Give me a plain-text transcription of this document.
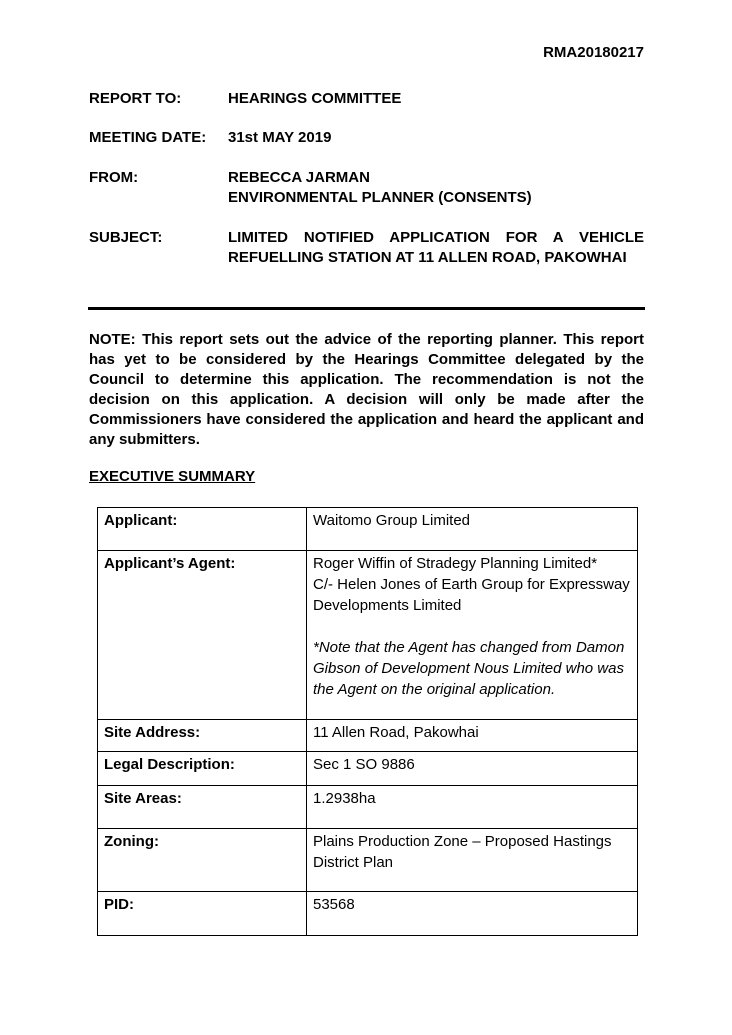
RMA20180217
REPORT TO:	HEARINGS COMMITTEE
MEETING DATE: 31st MAY 2019
FROM:	REBECCA JARMAN
ENVIRONMENTAL PLANNER (CONSENTS)
SUBJECT:	LIMITED NOTIFIED APPLICATION FOR A VEHICLE REFUELLING STATION AT 11 ALLEN ROAD, PAKOWHAI

NOTE: This report sets out the advice of the reporting planner. This report has yet to be considered by the Hearings Committee delegated by the Council to determine this application. The recommendation is not the decision on this application. A decision will only be made after the Commissioners have considered the application and heard the applicant and any submitters.

EXECUTIVE SUMMARY
Applicant:	Waitomo Group Limited
Applicant’s Agent:	Roger Wiffin of Stradegy Planning Limited*
C/- Helen Jones of Earth Group for Expressway Developments Limited
*Note that the Agent has changed from Damon Gibson of Development Nous Limited who was the Agent on the original application.

Site Address:	11 Allen Road, Pakowhai
Legal Description:	Sec 1 SO 9886
Site Areas:	1.2938ha
Zoning:	Plains Production Zone – Proposed Hastings District Plan
PID:	53568
